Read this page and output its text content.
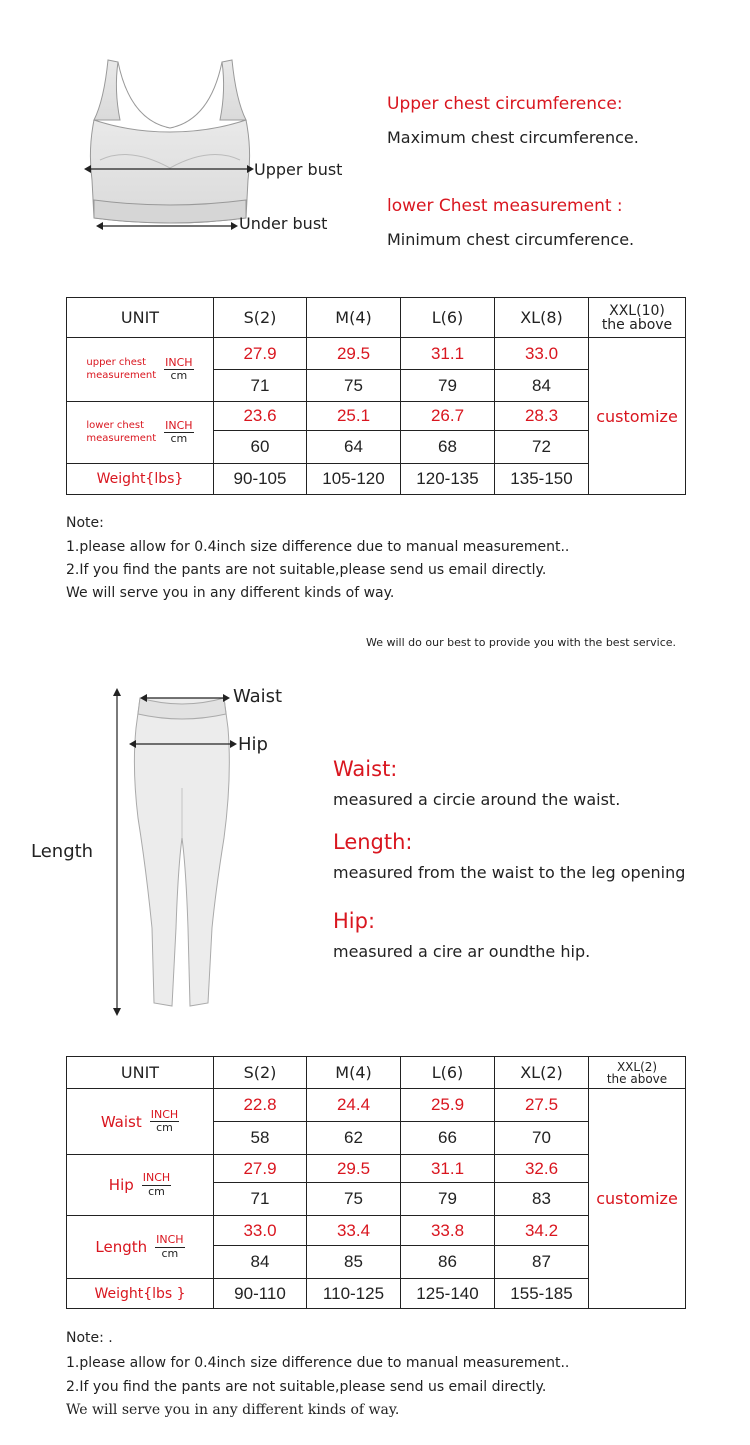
Upper bust
Under bust
Upper chest circumference:
Maximum chest circumference.
lower Chest measurement :
Minimum chest circumference.
UNIT	S(2)	M(4)	L(6)	XL(8)	XXL(10)
the above

upper chest
measurement $\frac{\text{INCH}}{cm}$	27.9	29.5	31.1	33.0	customize
	71	75	79	84	

lower chest
measurement $\frac{\text{INCH}}{cm}$	23.6	25.1	26.7	28.3	
	60	64	68	72	
Weight{lbs}	90-105	105-120	120-135	135-150	
Note:
1.please allow for 0.4inch size difference due to manual measurement..
2.If you find the pants are not suitable,please send us email directly.
We will serve you in any different kinds of way.
We will do our best to provide you with the best service.
Waist
Hip
Length
Waist:
measured a circie around the waist.
Length:
measured from the waist to the leg opening
Hip:
measured a cire ar oundthe hip.
UNIT	S(2)	M(4)	L(6)	XL(2)	XXL(2)
the above

Waist $\frac{\text{INCH}}{cm}$	22.8	24.4	25.9	27.5	customize
	58	62	66	70	

Hip $\frac{\text{INCH}}{cm}$	27.9	29.5	31.1	32.6	
	71	75	79	83	

Length $\frac{\text{INCH}}{cm}$	33.0	33.4	33.8	34.2	
	84	85	86	87	
Weight{lbs }	90-110	110-125	125-140	155-185	
Note: .
1.please allow for 0.4inch size difference due to manual measurement..
2.If you find the pants are not suitable,please send us email directly.
We will serve you in any different kinds of way.
